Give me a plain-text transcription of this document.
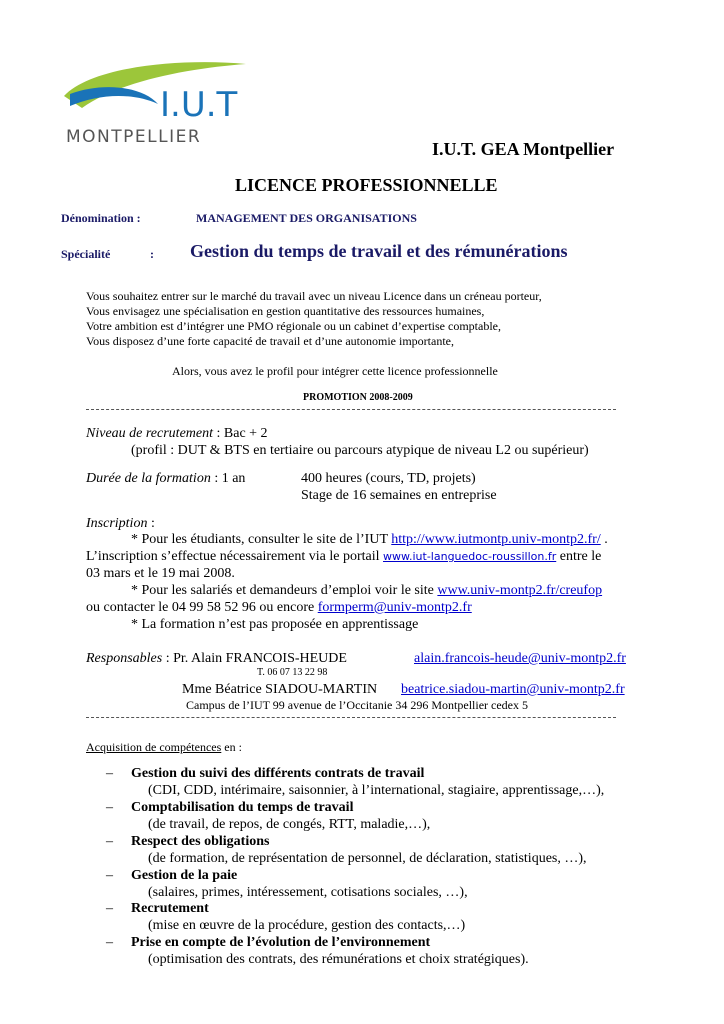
I.U.T
MONTPELLIER
I.U.T. GEA Montpellier
LICENCE PROFESSIONNELLE
Dénomination :	MANAGEMENT DES ORGANISATIONS
Spécialité	: Gestion du temps de travail et des rémunérations
Vous souhaitez entrer sur le marché du travail avec un niveau Licence dans un créneau porteur,
Vous envisagez une spécialisation en gestion quantitative des ressources humaines,
Votre ambition est d’intégrer une PMO régionale ou un cabinet d’expertise comptable,
Vous disposez d’une forte capacité de travail et d’une autonomie importante,
Alors, vous avez le profil pour intégrer cette licence professionnelle
PROMOTION 2008-2009
Niveau de recrutement : Bac + 2
(profil : DUT & BTS en tertiaire ou parcours atypique de niveau L2 ou supérieur)
Durée de la formation : 1 an	400 heures (cours, TD, projets)
Stage de 16 semaines en entreprise
Inscription :
* Pour les étudiants, consulter le site de l’IUT http://www.iutmontp.univ-montp2.fr/ .
L’inscription s’effectue nécessairement via le portail www.iut-languedoc-roussillon.fr entre le
03 mars et le 19 mai 2008.
* Pour les salariés et demandeurs d’emploi voir le site www.univ-montp2.fr/creufop
ou contacter le 04 99 58 52 96 ou encore formperm@univ-montp2.fr
* La formation n’est pas proposée en apprentissage
Responsables : Pr. Alain FRANCOIS-HEUDE	alain.francois-heude@univ-montp2.fr
T. 06 07 13 22 98
Mme Béatrice SIADOU-MARTIN beatrice.siadou-martin@univ-montp2.fr
Campus de l’IUT 99 avenue de l’Occitanie 34 296 Montpellier cedex 5
Acquisition de compétences en :
– Gestion du suivi des différents contrats de travail
(CDI, CDD, intérimaire, saisonnier, à l’international, stagiaire, apprentissage,…),
– Comptabilisation du temps de travail
(de travail, de repos, de congés, RTT, maladie,…),
– Respect des obligations
(de formation, de représentation de personnel, de déclaration, statistiques, …),
– Gestion de la paie
(salaires, primes, intéressement, cotisations sociales, …),
– Recrutement
(mise en œuvre de la procédure, gestion des contacts,…)
– Prise en compte de l’évolution de l’environnement
(optimisation des contrats, des rémunérations et choix stratégiques).
